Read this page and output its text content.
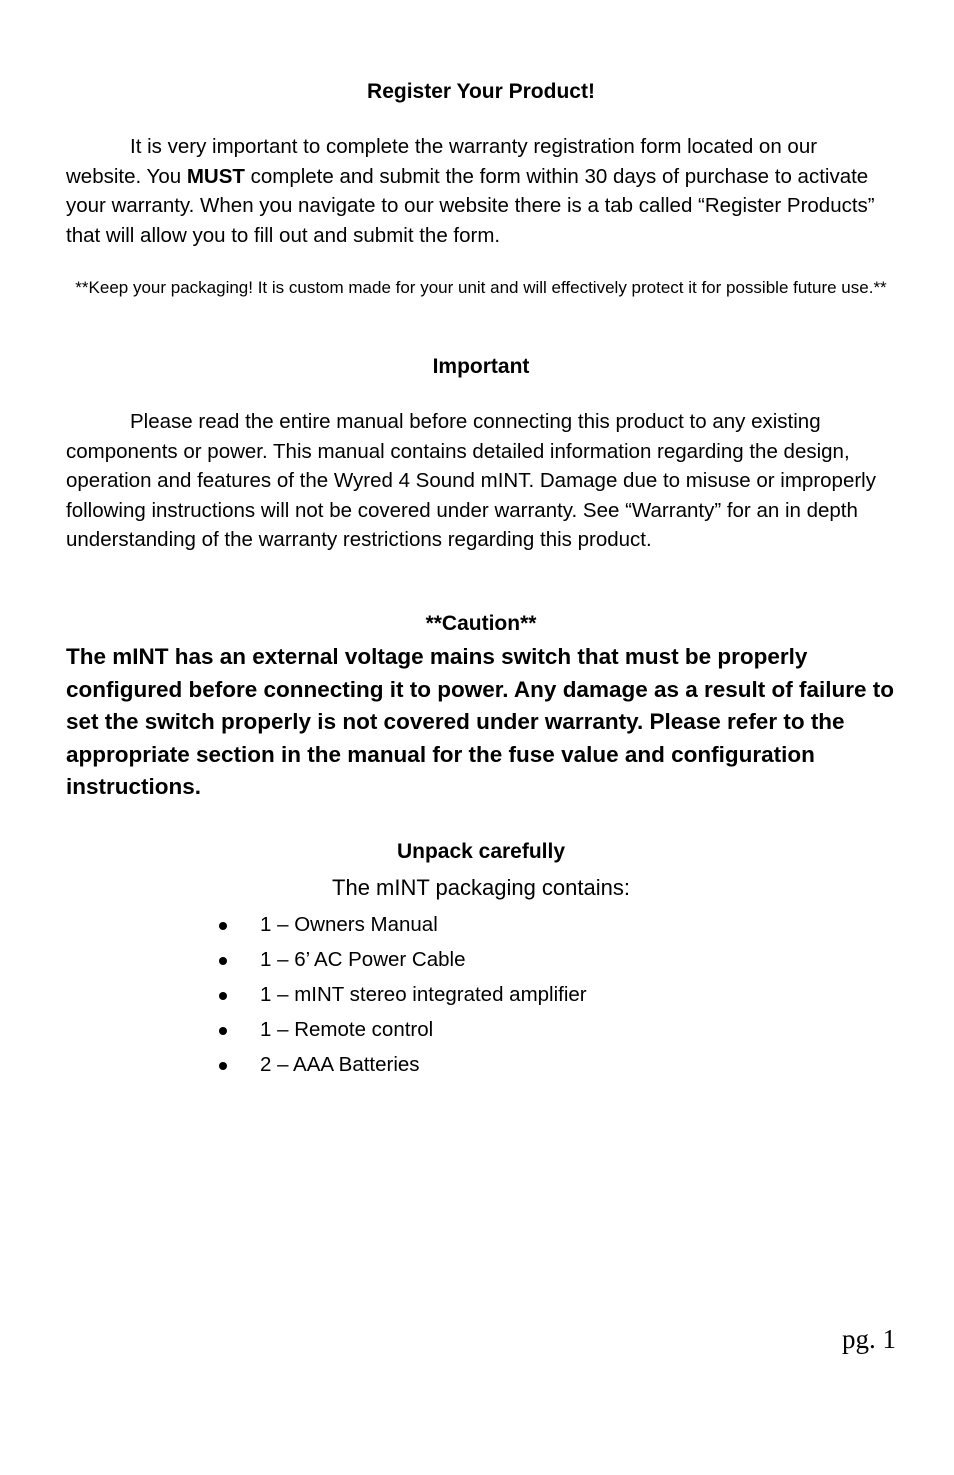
Register Your Product!
It is very important to complete the warranty registration form located on our website. You MUST complete and submit the form within 30 days of purchase to activate your warranty. When you navigate to our website there is a tab called “Register Products” that will allow you to fill out and submit the form.
**Keep your packaging! It is custom made for your unit and will effectively protect it for possible future use.**
Important
Please read the entire manual before connecting this product to any existing components or power. This manual contains detailed information regarding the design, operation and features of the Wyred 4 Sound mINT. Damage due to misuse or improperly following instructions will not be covered under warranty. See “Warranty” for an in depth understanding of the warranty restrictions regarding this product.
**Caution**
The mINT has an external voltage mains switch that must be properly configured before connecting it to power. Any damage as a result of failure to set the switch properly is not covered under warranty. Please refer to the appropriate section in the manual for the fuse value and configuration instructions.
Unpack carefully
The mINT packaging contains:
1 – Owners Manual
1 – 6’ AC Power Cable
1 – mINT stereo integrated amplifier
1 – Remote control
2 – AAA Batteries
pg. 1
